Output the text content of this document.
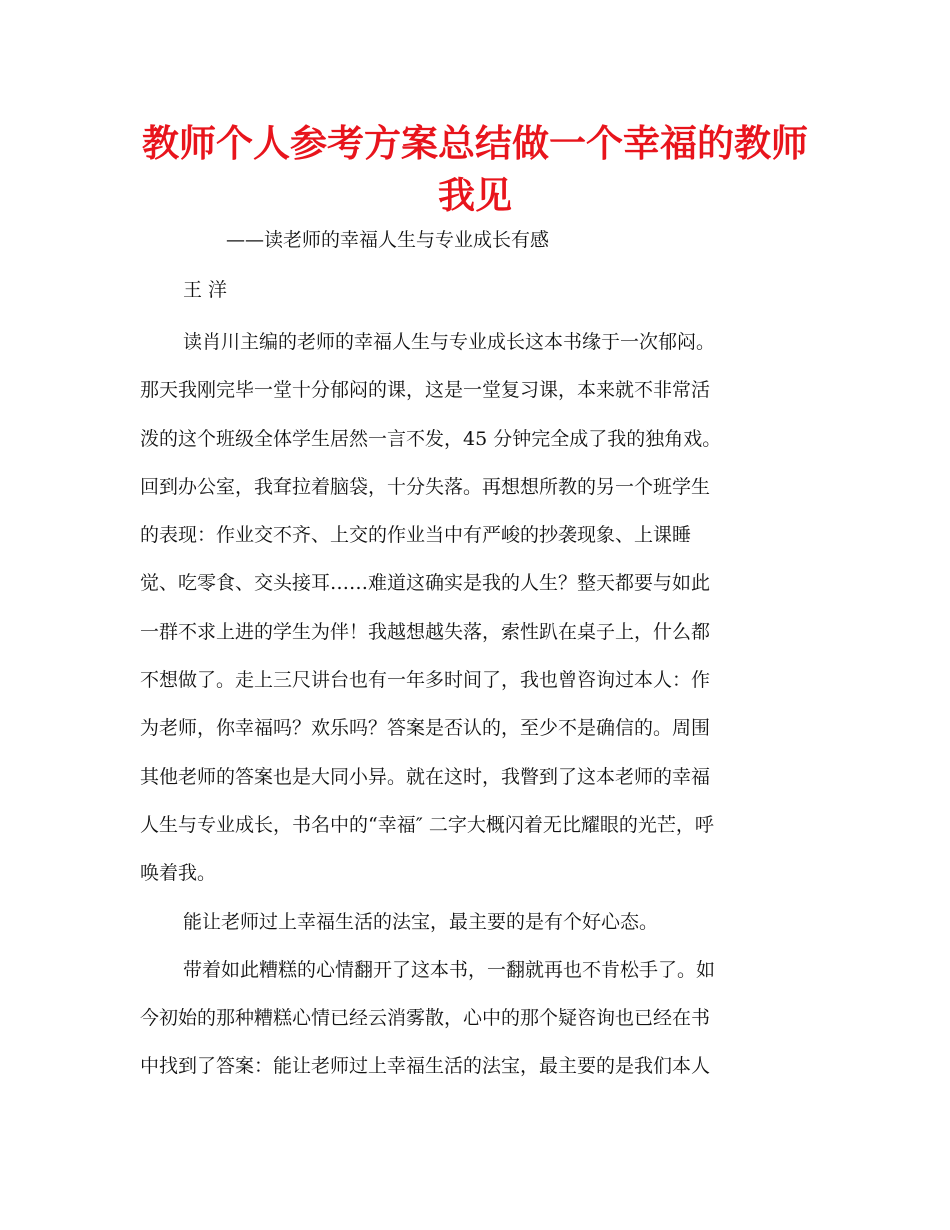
教师个人参考方案总结做一个幸福的教师
我见

——读老师的幸福人生与专业成长有感

王 洋

读肖川主编的老师的幸福人生与专业成长这本书缘于一次郁闷。
那天我刚完毕一堂十分郁闷的课，这是一堂复习课，本来就不非常活
泼的这个班级全体学生居然一言不发，45 分钟完全成了我的独角戏。
回到办公室，我耷拉着脑袋，十分失落。再想想所教的另一个班学生
的表现：作业交不齐、上交的作业当中有严峻的抄袭现象、上课睡
觉、吃零食、交头接耳……难道这确实是我的人生？整天都要与如此
一群不求上进的学生为伴！我越想越失落，索性趴在桌子上，什么都
不想做了。走上三尺讲台也有一年多时间了，我也曾咨询过本人：作
为老师，你幸福吗？欢乐吗？答案是否认的，至少不是确信的。周围
其他老师的答案也是大同小异。就在这时，我瞥到了这本老师的幸福
人生与专业成长，书名中的“幸福″ 二字大概闪着无比耀眼的光芒，呼
唤着我。
能让老师过上幸福生活的法宝，最主要的是有个好心态。
带着如此糟糕的心情翻开了这本书，一翻就再也不肯松手了。如
今初始的那种糟糕心情已经云消雾散，心中的那个疑咨询也已经在书
中找到了答案：能让老师过上幸福生活的法宝，最主要的是我们本人
